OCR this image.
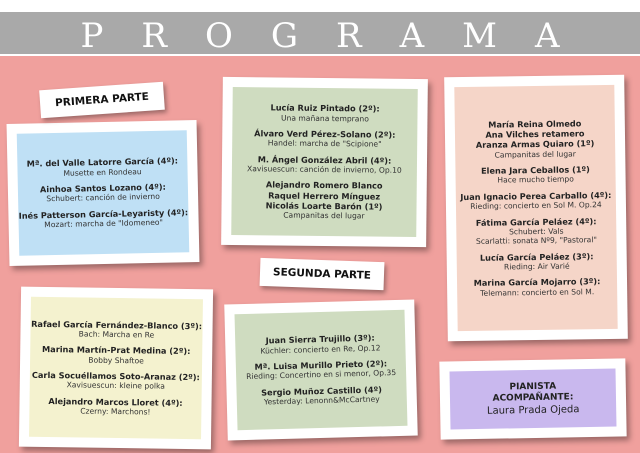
PROGRAMA
Mª. del Valle Latorre García (4º):
Musette en Rondeau
Ainhoa Santos Lozano (4º):
Schubert: canción de invierno
Inés Patterson García-Leyaristy (4º):
Mozart: marcha de "Idomeneo"
PRIMERA PARTE	Lucía Ruiz Pintado (2º):
Una mañana temprano
Álvaro Verd Pérez-Solano (2º):
Handel: marcha de "Scipione"
M. Ángel González Abril (4º):
Xavisuescun: canción de invierno, Op.10
Alejandro Romero Blanco
Raquel Herrero Mínguez
Nicolás Loarte Barón (1º)
Campanitas del lugar
María Reina Olmedo
Ana Vilches retamero
Aranza Armas Quiaro (1º)
Campanitas del lugar
Elena Jara Ceballos (1º)
Hace mucho tiempo
Juan Ignacio Perea Carballo (4º):
Rieding: concierto en Sol M. Op.24
Fátima García Peláez (4º):
Schubert: Vals
Scarlatti: sonata Nº9, "Pastoral"
Lucía García Peláez (3º):
Rieding: Air Varié
Marina García Mojarro (3º):
Telemann: concierto en Sol M.
Rafael García Fernández-Blanco (3º):
Bach: Marcha en Re
Marina Martín-Prat Medina (2º):
Bobby Shaftoe
Carla Socuéllamos Soto-Aranaz (2º):
Xavisuescun: kleine polka
Alejandro Marcos Lloret (4º):
Czerny: Marchons!
Juan Sierra Trujillo (3º):
Küchler: concierto en Re, Op.12
Mª. Luisa Murillo Prieto (2º):
Rieding: Concertino en si menor, Op.35
Sergio Muñoz Castillo (4º)
Yesterday: Lenonn&McCartney
SEGUNDA PARTE
PIANISTA
ACOMPAÑANTE:
Laura Prada Ojeda
